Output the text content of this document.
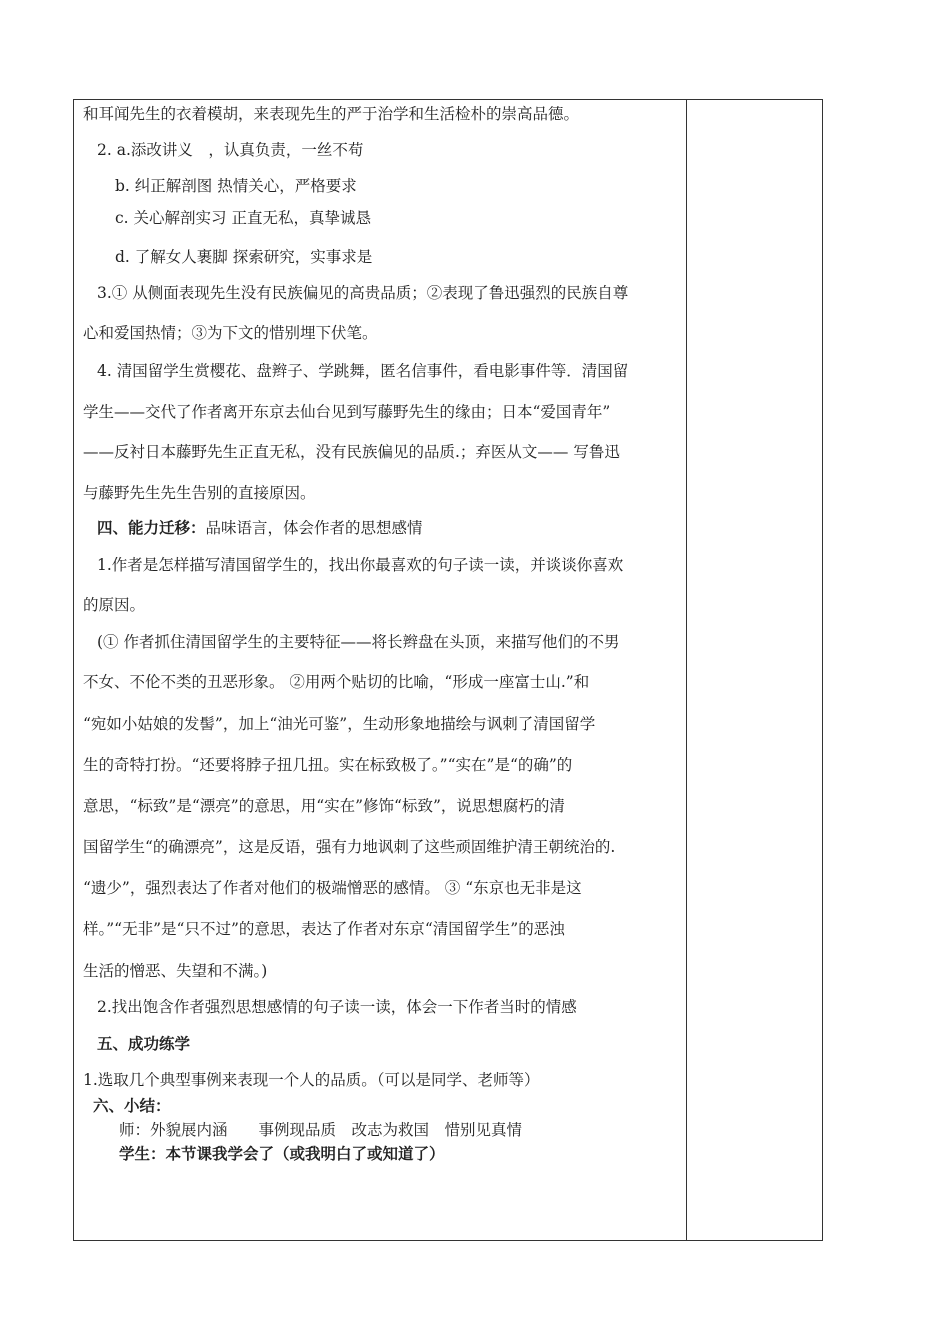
和耳闻先生的衣着模胡，来表现先生的严于治学和生活检朴的崇高品德。
2. a.添改讲义　，认真负责，一丝不苟
b. 纠正解剖图 热情关心，严格要求
c. 关心解剖实习 正直无私，真挚诚恳
d. 了解女人裹脚 探索研究，实事求是
3.① 从侧面表现先生没有民族偏见的高贵品质；②表现了鲁迅强烈的民族自尊
心和爱国热情；③为下文的惜别埋下伏笔。
4. 清国留学生赏樱花、盘辫子、学跳舞，匿名信事件，看电影事件等．清国留
学生——交代了作者离开东京去仙台见到写藤野先生的缘由；日本“爱国青年”
——反衬日本藤野先生正直无私，没有民族偏见的品质.；弃医从文—— 写鲁迅
与藤野先生先生告别的直接原因。
四、能力迁移：品味语言，体会作者的思想感情
1.作者是怎样描写清国留学生的，找出你最喜欢的句子读一读，并谈谈你喜欢
的原因。
(① 作者抓住清国留学生的主要特征——将长辫盘在头顶，来描写他们的不男
不女、不伦不类的丑恶形象。 ②用两个贴切的比喻，“形成一座富士山.”和
“宛如小姑娘的发髻”，加上“油光可鉴”，生动形象地描绘与讽刺了清国留学
生的奇特打扮。“还要将脖子扭几扭。实在标致极了。”“实在”是“的确”的
意思，“标致”是“漂亮”的意思，用“实在”修饰“标致”，说思想腐朽的清
国留学生“的确漂亮”，这是反语，强有力地讽刺了这些顽固维护清王朝统治的.
“遗少”，强烈表达了作者对他们的极端憎恶的感情。 ③ “东京也无非是这
样。”“无非”是“只不过”的意思，表达了作者对东京“清国留学生”的恶浊
生活的憎恶、失望和不满。)
2.找出饱含作者强烈思想感情的句子读一读，体会一下作者当时的情感
五、成功练学
1.选取几个典型事例来表现一个人的品质。（可以是同学、老师等）
六、小结：
师：外貌展内涵　　事例现品质　改志为救国　惜别见真情
学生：本节课我学会了（或我明白了或知道了）
